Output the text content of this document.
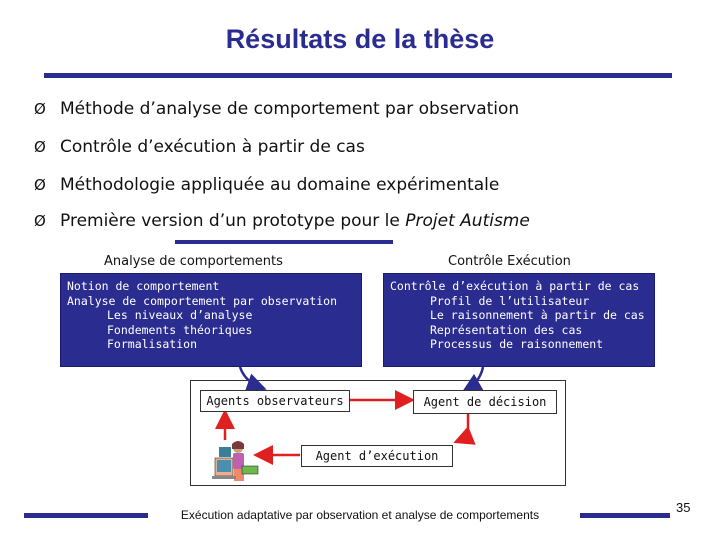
Résultats de la thèse
Ø Méthode d’analyse de comportement par observation
Ø Contrôle d’exécution à partir de cas
Ø Méthodologie appliquée au domaine expérimentale
Ø Première version d’un prototype pour le Projet Autisme
Analyse de comportements	Contrôle Exécution
Notion de comportement
Analyse de comportement par observation
Les niveaux d’analyse
Fondements théoriques
Formalisation
Contrôle d’exécution à partir de cas
Profil de l’utilisateur
Le raisonnement à partir de cas
Représentation des cas
Processus de raisonnement
Agents observateurs	Agent de décision
Agent d’exécution
Exécution adaptative par observation et analyse de comportements	35
